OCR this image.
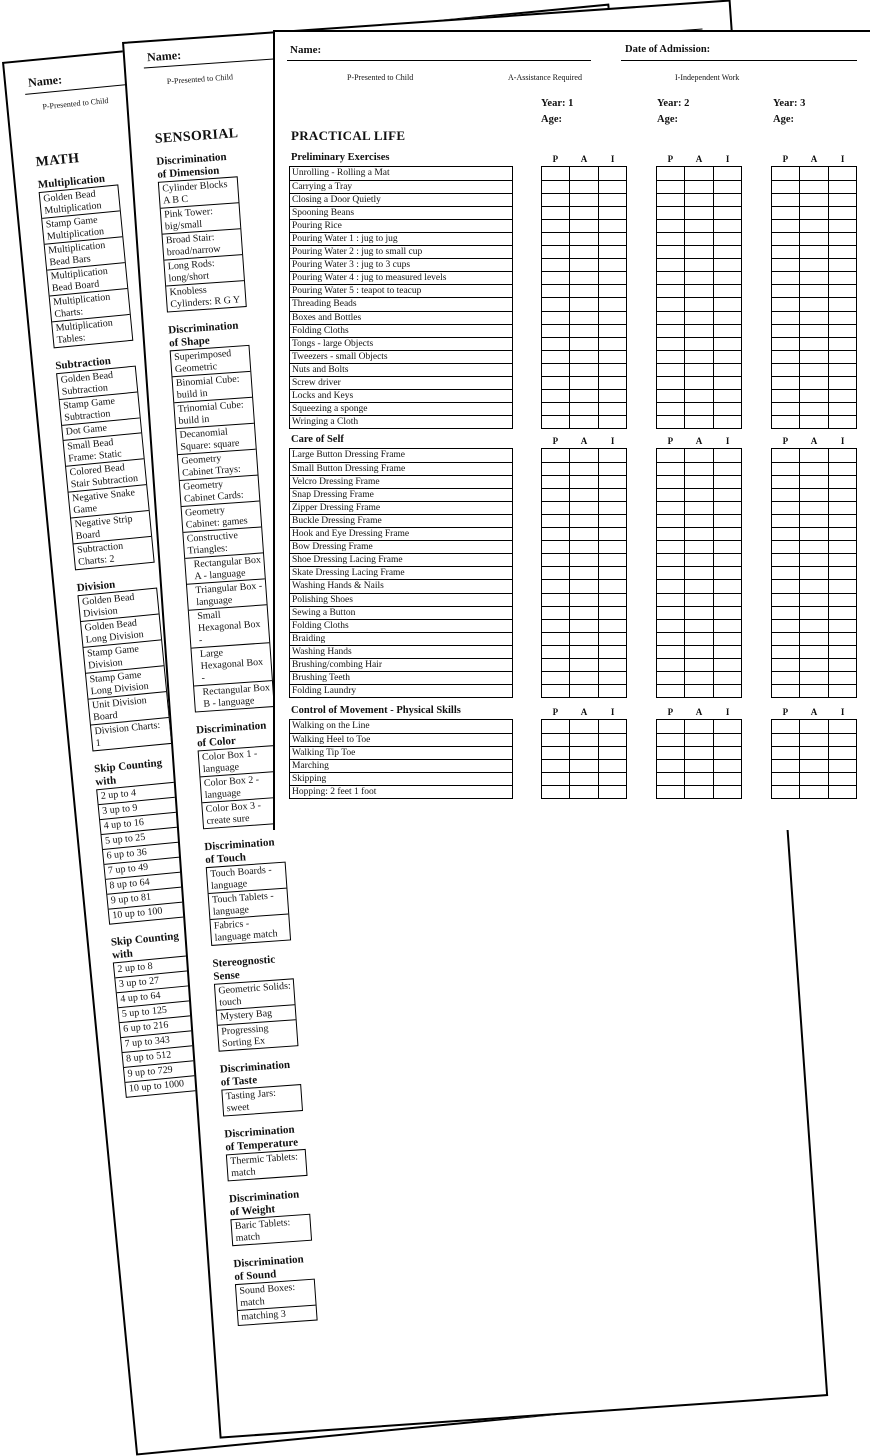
Name:
P-Presented to Child
MATH
Multiplication
Golden Bead Multiplication
Stamp Game Multiplication
Multiplication Bead Bars
Multiplication Bead Board
Multiplication Charts:
Multiplication Tables:
Subtraction
Golden Bead Subtraction
Stamp Game Subtraction
Dot Game
Small Bead Frame: Static
Colored Bead Stair Subtraction
Negative Snake Game
Negative Strip Board
Subtraction Charts: 2
Division
Golden Bead Division
Golden Bead Long Division
Stamp Game Division
Stamp Game Long Division
Unit Division Board
Division Charts: 1
Skip Counting with
2 up to 4
3 up to 9
4 up to 16
5 up to 25
6 up to 36
7 up to 49
8 up to 64
9 up to 81
10 up to 100
Skip Counting with
2 up to 8
3 up to 27
4 up to 64
5 up to 125
6 up to 216
7 up to 343
8 up to 512
9 up to 729
10 up to 1000
Name:
P-Presented to Child
SENSORIAL
Discrimination of Dimension
Cylinder Blocks A B C
Pink Tower: big/small
Broad Stair: broad/narrow
Long Rods: long/short
Knobless Cylinders: R G Y
Discrimination of Shape
Superimposed Geometric
Binomial Cube: build in
Trinomial Cube: build in
Decanomial Square: square
Geometry Cabinet Trays:
Geometry Cabinet Cards:
Geometry Cabinet: games
Constructive Triangles:
Rectangular Box A - language
Triangular Box - language
Small Hexagonal Box -
Large Hexagonal Box -
Rectangular Box B - language
Discrimination of Color
Color Box 1 - language
Color Box 2 - language
Color Box 3 - create sure
Discrimination of Touch
Touch Boards - language
Touch Tablets - language
Fabrics - language match
Stereognostic Sense
Geometric Solids: touch
Mystery Bag
Progressing Sorting Ex
Discrimination of Taste
Tasting Jars: sweet
Discrimination of Temperature
Thermic Tablets: match
Discrimination of Weight
Baric Tablets: match
Discrimination of Sound
Sound Boxes: match
matching 3
Name:	Date of Admission:
P-Presented to Child	A-Assistance Required	I-Independent Work
Year: 1
Age:
Year: 2
Age:
Year: 3
Age:
PRACTICAL LIFE
Preliminary Exercises
Unrolling - Rolling a Mat
Carrying a Tray
Closing a Door Quietly
Spooning Beans
Pouring Rice
Pouring Water 1 : jug to jug
Pouring Water 2 : jug to small cup
Pouring Water 3 : jug to 3 cups
Pouring Water 4 : jug to measured levels
Pouring Water 5 : teapot to teacup
Threading Beads
Boxes and Bottles
Folding Cloths
Tongs - large Objects
Tweezers - small Objects
Nuts and Bolts
Screw driver
Locks and Keys
Squeezing a sponge
Wringing a Cloth
P	A	I	P	A	I	P	A	I
Care of Self
Large Button Dressing Frame
Small Button Dressing Frame
Velcro Dressing Frame
Snap Dressing Frame
Zipper Dressing Frame
Buckle Dressing Frame
Hook and Eye Dressing Frame
Bow Dressing Frame
Shoe Dressing Lacing Frame
Skate Dressing Lacing Frame
Washing Hands & Nails
Polishing Shoes
Sewing a Button
Folding Cloths
Braiding
Washing Hands
Brushing/combing Hair
Brushing Teeth
Folding Laundry
P	A	I	P	A	I	P	A	I
Control of Movement - Physical Skills
Walking on the Line
Walking Heel to Toe
Walking Tip Toe
Marching
Skipping
Hopping: 2 feet 1 foot
P	A	I	P	A	I	P	A	I
